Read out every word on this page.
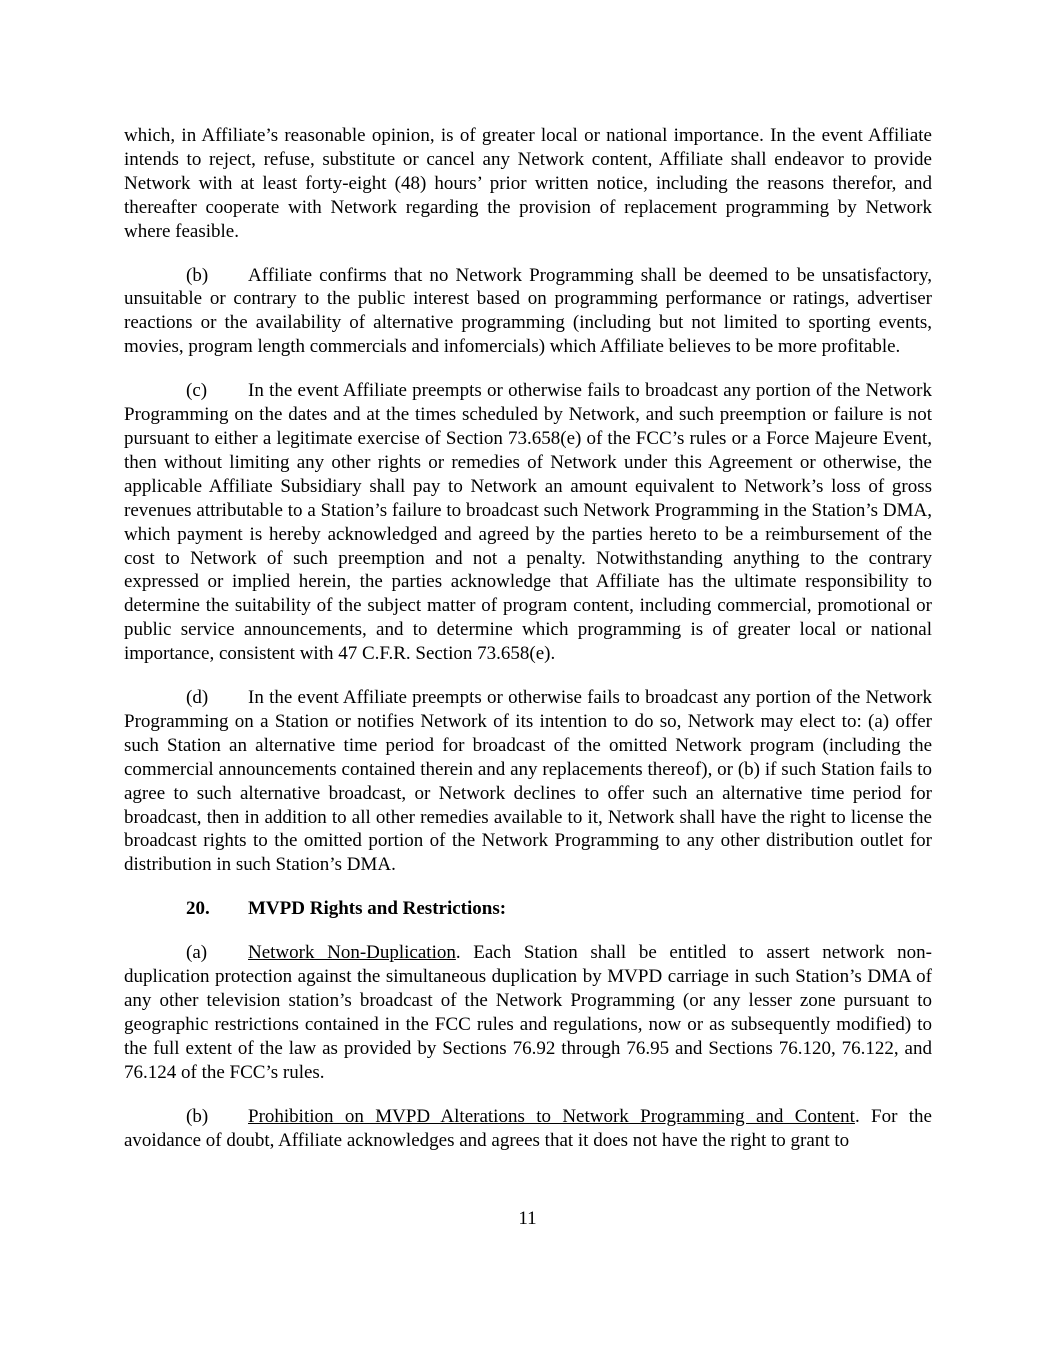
which, in Affiliate’s reasonable opinion, is of greater local or national importance. In the event Affiliate intends to reject, refuse, substitute or cancel any Network content, Affiliate shall endeavor to provide Network with at least forty-eight (48) hours’ prior written notice, including the reasons therefor, and thereafter cooperate with Network regarding the provision of replacement programming by Network where feasible.

(b) Affiliate confirms that no Network Programming shall be deemed to be unsatisfactory, unsuitable or contrary to the public interest based on programming performance or ratings, advertiser reactions or the availability of alternative programming (including but not limited to sporting events, movies, program length commercials and infomercials) which Affiliate believes to be more profitable.

(c) In the event Affiliate preempts or otherwise fails to broadcast any portion of the Network Programming on the dates and at the times scheduled by Network, and such preemption or failure is not pursuant to either a legitimate exercise of Section 73.658(e) of the FCC’s rules or a Force Majeure Event, then without limiting any other rights or remedies of Network under this Agreement or otherwise, the applicable Affiliate Subsidiary shall pay to Network an amount equivalent to Network’s loss of gross revenues attributable to a Station’s failure to broadcast such Network Programming in the Station’s DMA, which payment is hereby acknowledged and agreed by the parties hereto to be a reimbursement of the cost to Network of such preemption and not a penalty. Notwithstanding anything to the contrary expressed or implied herein, the parties acknowledge that Affiliate has the ultimate responsibility to determine the suitability of the subject matter of program content, including commercial, promotional or public service announcements, and to determine which programming is of greater local or national importance, consistent with 47 C.F.R. Section 73.658(e).

(d) In the event Affiliate preempts or otherwise fails to broadcast any portion of the Network Programming on a Station or notifies Network of its intention to do so, Network may elect to: (a) offer such Station an alternative time period for broadcast of the omitted Network program (including the commercial announcements contained therein and any replacements thereof), or (b) if such Station fails to agree to such alternative broadcast, or Network declines to offer such an alternative time period for broadcast, then in addition to all other remedies available to it, Network shall have the right to license the broadcast rights to the omitted portion of the Network Programming to any other distribution outlet for distribution in such Station’s DMA.

20. MVPD Rights and Restrictions:

(a) Network Non-Duplication. Each Station shall be entitled to assert network non-duplication protection against the simultaneous duplication by MVPD carriage in such Station’s DMA of any other television station’s broadcast of the Network Programming (or any lesser zone pursuant to geographic restrictions contained in the FCC rules and regulations, now or as subsequently modified) to the full extent of the law as provided by Sections 76.92 through 76.95 and Sections 76.120, 76.122, and 76.124 of the FCC’s rules.

(b) Prohibition on MVPD Alterations to Network Programming and Content. For the avoidance of doubt, Affiliate acknowledges and agrees that it does not have the right to grant to

11
